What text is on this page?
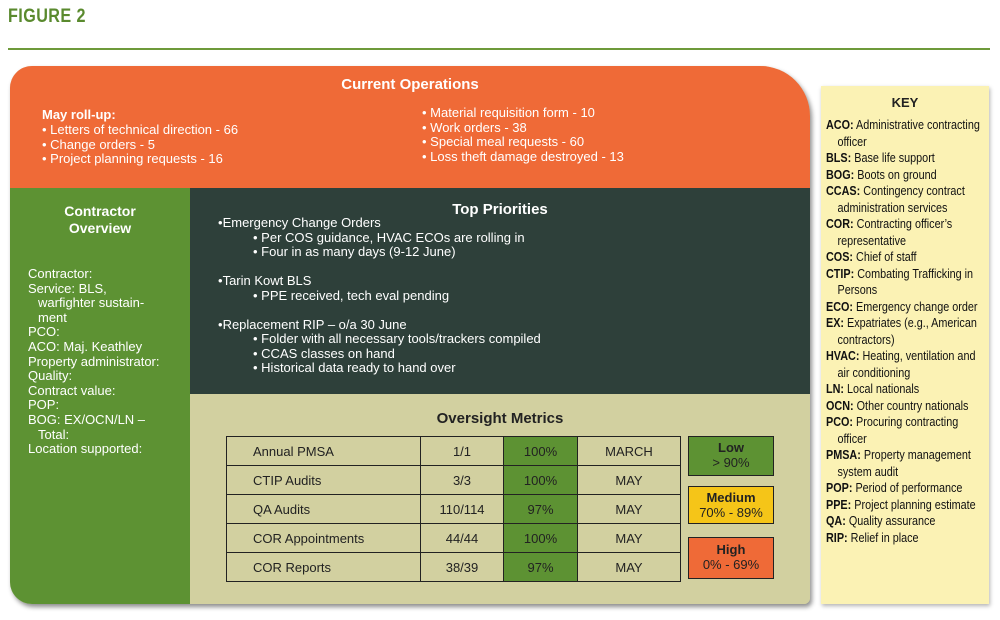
FIGURE 2
Current Operations
May roll-up:
• Letters of technical direction - 66
• Change orders - 5
• Project planning requests - 16
• Material requisition form - 10
• Work orders - 38
• Special meal requests - 60
• Loss theft damage destroyed - 13
Contractor
Overview
Contractor:
Service: BLS,
warfighter sustain-
ment
PCO:
ACO: Maj. Keathley
Property administrator:
Quality:
Contract value:
POP:
BOG: EX/OCN/LN –
Total:
Location supported:
Top Priorities
• Emergency Change Orders
• Per COS guidance, HVAC ECOs are rolling in
• Four in as many days (9-12 June)
• Tarin Kowt BLS
• PPE received, tech eval pending
• Replacement RIP – o/a 30 June
• Folder with all necessary tools/trackers compiled
• CCAS classes on hand
• Historical data ready to hand over
Oversight Metrics
Annual PMSA	1/1	100%	MARCH
CTIP Audits	3/3	100%	MAY
QA Audits	110/114	97%	MAY
COR Appointments	44/44	100%	MAY
COR Reports	38/39	97%	MAY
Low
> 90%
Medium
70% - 89%
High
0% - 69%
KEY
ACO: Administrative contracting officer
BLS: Base life support
BOG: Boots on ground
CCAS: Contingency contract administration services
COR: Contracting officer’s representative
COS: Chief of staff
CTIP: Combating Trafficking in Persons
ECO: Emergency change order
EX: Expatriates (e.g., American contractors)
HVAC: Heating, ventilation and air conditioning
LN: Local nationals
OCN: Other country nationals
PCO: Procuring contracting officer
PMSA: Property management system audit
POP: Period of performance
PPE: Project planning estimate
QA: Quality assurance
RIP: Relief in place
